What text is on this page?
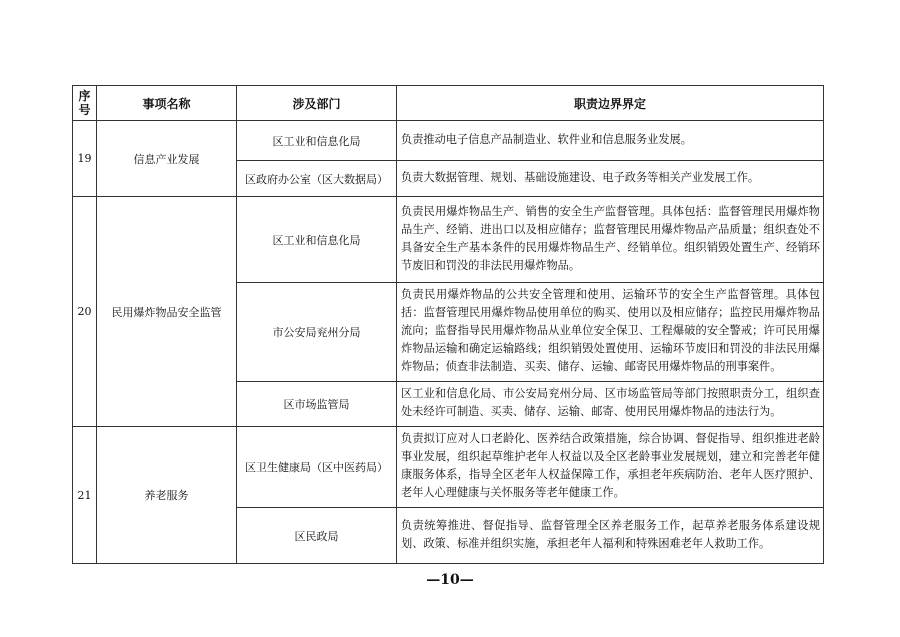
序号	事项名称	涉及部门	职责边界界定
19	信息产业发展	区工业和信息化局	负责推动电子信息产品制造业、软件业和信息服务业发展。
		区政府办公室（区大数据局）	负责大数据管理、规划、基础设施建设、电子政务等相关产业发展工作。
20	民用爆炸物品安全监管	区工业和信息化局	负责民用爆炸物品生产、销售的安全生产监督管理。具体包括：监督管理民用爆炸物品生产、经销、进出口以及相应储存；监督管理民用爆炸物品产品质量；组织查处不具备安全生产基本条件的民用爆炸物品生产、经销单位。组织销毁处置生产、经销环节废旧和罚没的非法民用爆炸物品。
		市公安局兖州分局	负责民用爆炸物品的公共安全管理和使用、运输环节的安全生产监督管理。具体包括：监督管理民用爆炸物品使用单位的购买、使用以及相应储存；监控民用爆炸物品流向；监督指导民用爆炸物品从业单位安全保卫、工程爆破的安全警戒；许可民用爆炸物品运输和确定运输路线；组织销毁处置使用、运输环节废旧和罚没的非法民用爆炸物品；侦查非法制造、买卖、储存、运输、邮寄民用爆炸物品的刑事案件。
		区市场监管局	区工业和信息化局、市公安局兖州分局、区市场监管局等部门按照职责分工，组织查处未经许可制造、买卖、储存、运输、邮寄、使用民用爆炸物品的违法行为。
21	养老服务	区卫生健康局（区中医药局）	负责拟订应对人口老龄化、医养结合政策措施，综合协调、督促指导、组织推进老龄事业发展，组织起草维护老年人权益以及全区老龄事业发展规划，建立和完善老年健康服务体系，指导全区老年人权益保障工作，承担老年疾病防治、老年人医疗照护、老年人心理健康与关怀服务等老年健康工作。
		区民政局	负责统筹推进、督促指导、监督管理全区养老服务工作，起草养老服务体系建设规划、政策、标准并组织实施，承担老年人福利和特殊困难老年人救助工作。
—10—
